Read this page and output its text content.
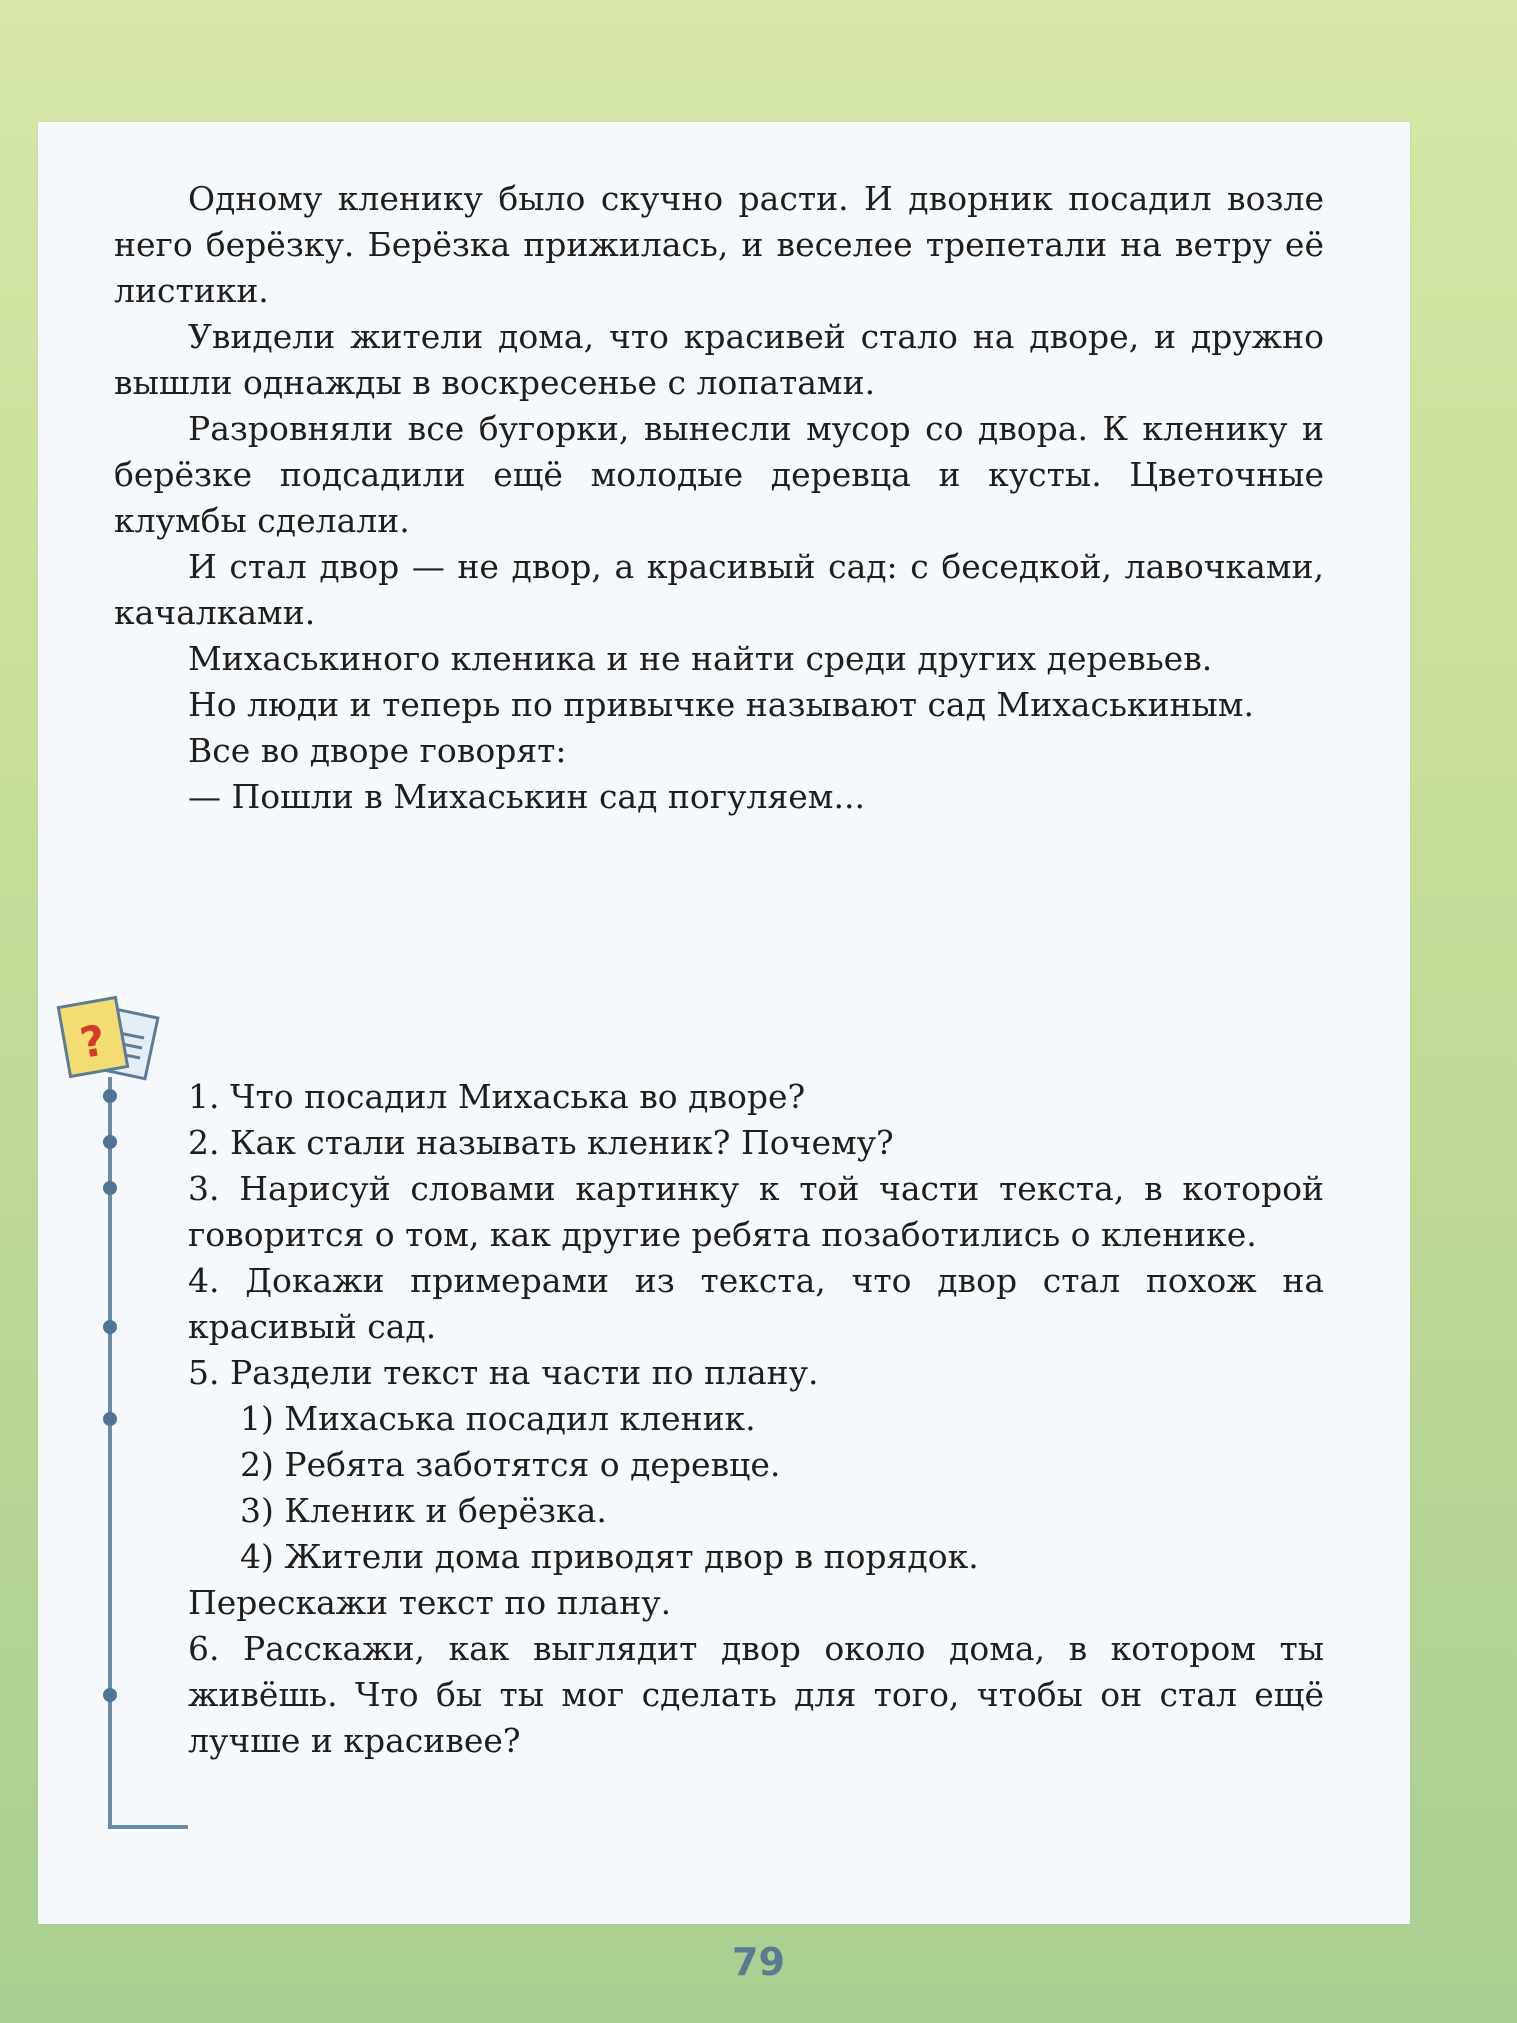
Одному кленику было скучно расти. И дворник посадил возле него берёзку. Берёзка прижилась, и веселее трепетали на ветру её листики.

Увидели жители дома, что красивей стало на дворе, и дружно вышли однажды в воскресенье с лопатами.

Разровняли все бугорки, вынесли мусор со двора. К кленику и берёзке подсадили ещё молодые деревца и кусты. Цветочные клумбы сделали.

И стал двор — не двор, а красивый сад: с беседкой, лавочками, качалками.

Михаськиного кленика и не найти среди других деревьев.

Но люди и теперь по привычке называют сад Михаськиным.

Все во дворе говорят:

— Пошли в Михаськин сад погуляем...

?

1. Что посадил Михаська во дворе?

2. Как стали называть кленик? Почему?

3. Нарисуй словами картинку к той части текста, в которой говорится о том, как другие ребята позаботились о кленике.

4. Докажи примерами из текста, что двор стал похож на красивый сад.

5. Раздели текст на части по плану.

1) Михаська посадил кленик.

2) Ребята заботятся о деревце.

3) Кленик и берёзка.

4) Жители дома приводят двор в порядок.

Перескажи текст по плану.

6. Расскажи, как выглядит двор около дома, в котором ты живёшь. Что бы ты мог сделать для того, чтобы он стал ещё лучше и красивее?

79
